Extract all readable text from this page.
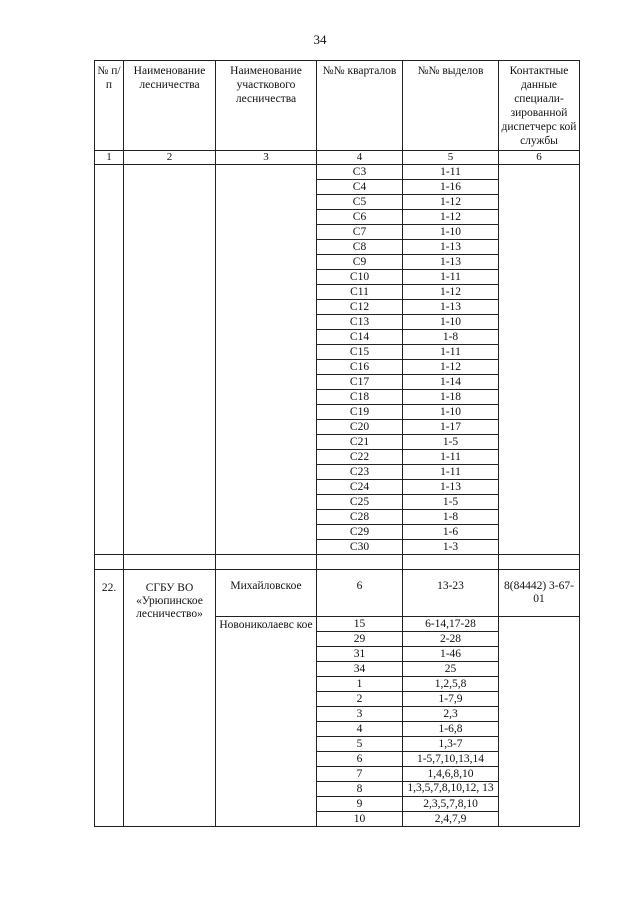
34
№ п/п	Наименование лесничества	Наименование участкового лесничества	№№ кварталов	№№ выделов	Контактные данные специали-зированной диспетчерс кой службы
1	2	3	4	5	6
			С3	1-11	
			С4	1-16	
			С5	1-12	
			С6	1-12	
			С7	1-10	
			С8	1-13	
			С9	1-13	
			С10	1-11	
			С11	1-12	
			С12	1-13	
			С13	1-10	
			С14	1-8	
			С15	1-11	
			С16	1-12	
			С17	1-14	
			С18	1-18	
			С19	1-10	
			С20	1-17	
			С21	1-5	
			С22	1-11	
			С23	1-11	
			С24	1-13	
			С25	1-5	
			С28	1-8	
			С29	1-6	
			С30	1-3	

22.	СГБУ ВО «Урюпинское лесничество»	Михайловское	6	13-23	8(84442) 3-67-01
		Новониколаевс кое	15	6-14,17-28	
			29	2-28	
			31	1-46	
			34	25	
			1	1,2,5,8	
			2	1-7,9	
			3	2,3	
			4	1-6,8	
			5	1,3-7	
			6	1-5,7,10,13,14	
			7	1,4,6,8,10	
			8	1,3,5,7,8,10,12, 13	
			9	2,3,5,7,8,10	
			10	2,4,7,9	
